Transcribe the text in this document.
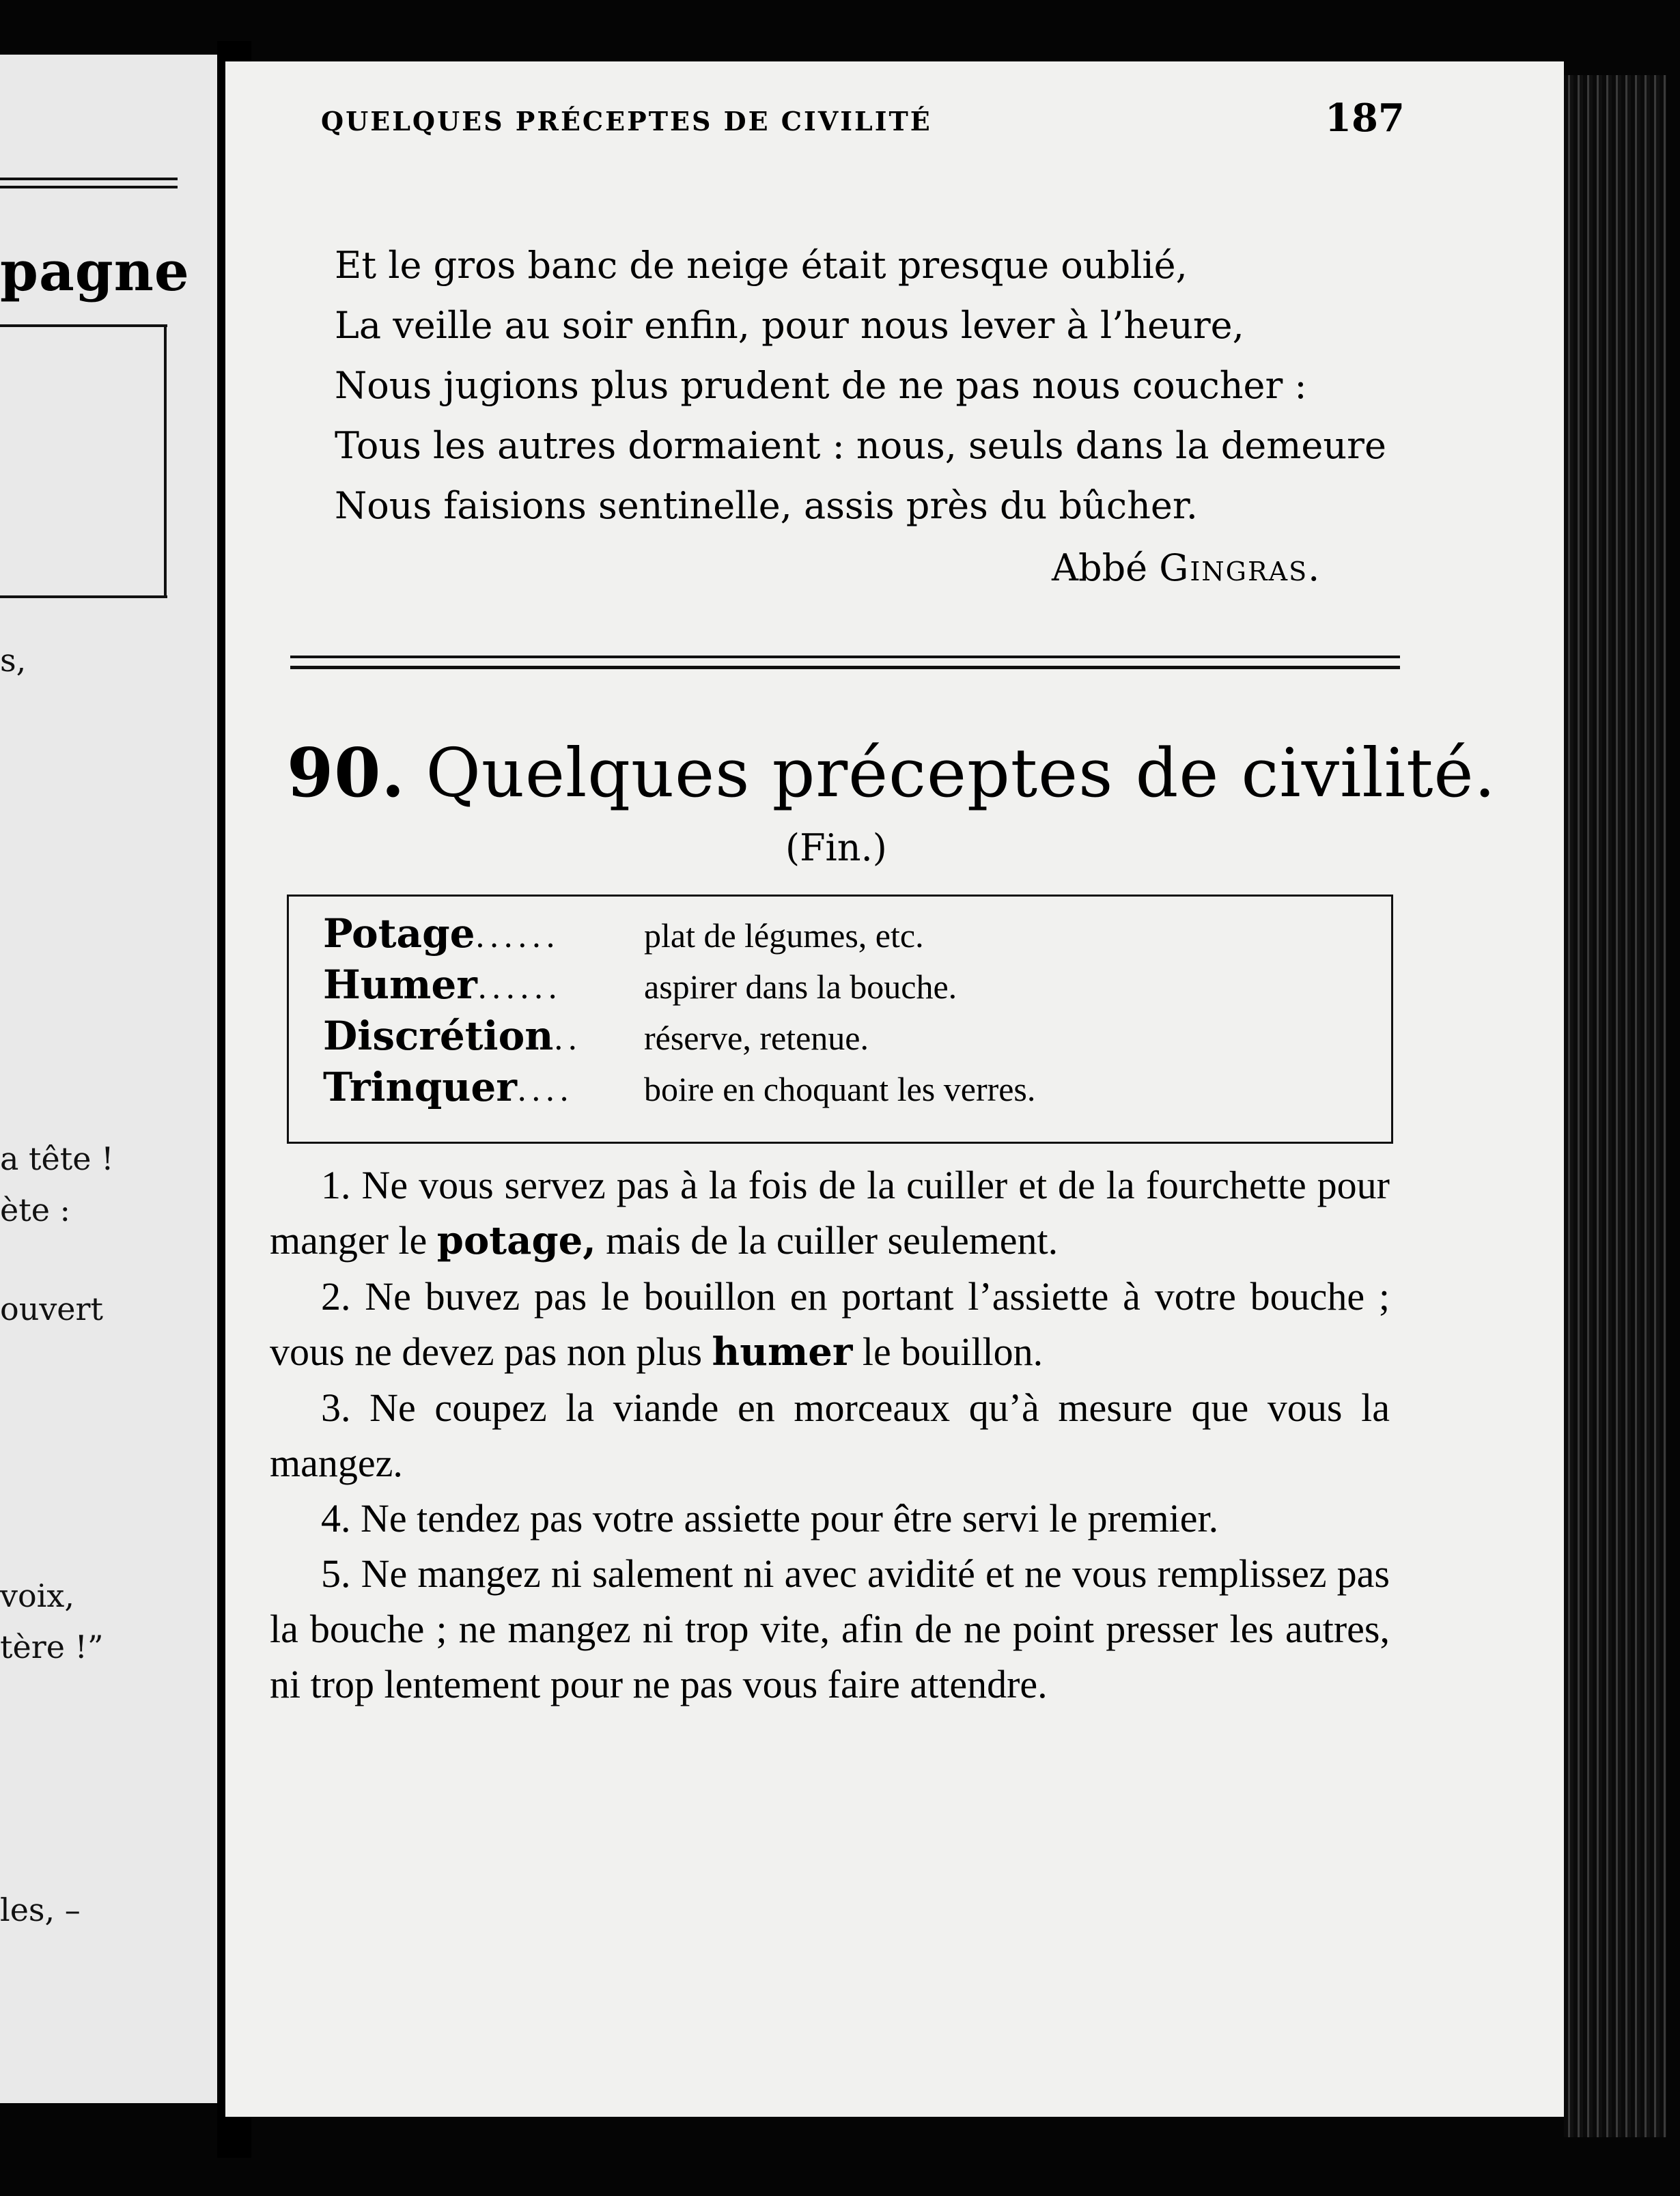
pagne
s,
a tête !
ète :
ouvert
voix,
tère !”
les, –
QUELQUES PRÉCEPTES DE CIVILITÉ	187
Et le gros banc de neige était presque oublié,
La veille au soir enfin, pour nous lever à l’heure,
Nous jugions plus prudent de ne pas nous coucher :
Tous les autres dormaient : nous, seuls dans la demeure
Nous faisions sentinelle, assis près du bûcher.
Abbé Gingras.
90. Quelques préceptes de civilité.
(Fin.)
Potage...... plat de légumes, etc.
Humer...... aspirer dans la bouche.
Discrétion.. réserve, retenue.
Trinquer.... boire en choquant les verres.

1. Ne vous servez pas à la fois de la cuiller et de la fourchette pour manger le potage, mais de la cuiller seulement.

2. Ne buvez pas le bouillon en portant l’assiette à votre bouche ; vous ne devez pas non plus humer le bouillon.

3. Ne coupez la viande en morceaux qu’à mesure que vous la mangez.

4. Ne tendez pas votre assiette pour être servi le premier.

5. Ne mangez ni salement ni avec avidité et ne vous remplissez pas la bouche ; ne mangez ni trop vite, afin de ne point presser les autres, ni trop lentement pour ne pas vous faire attendre.
